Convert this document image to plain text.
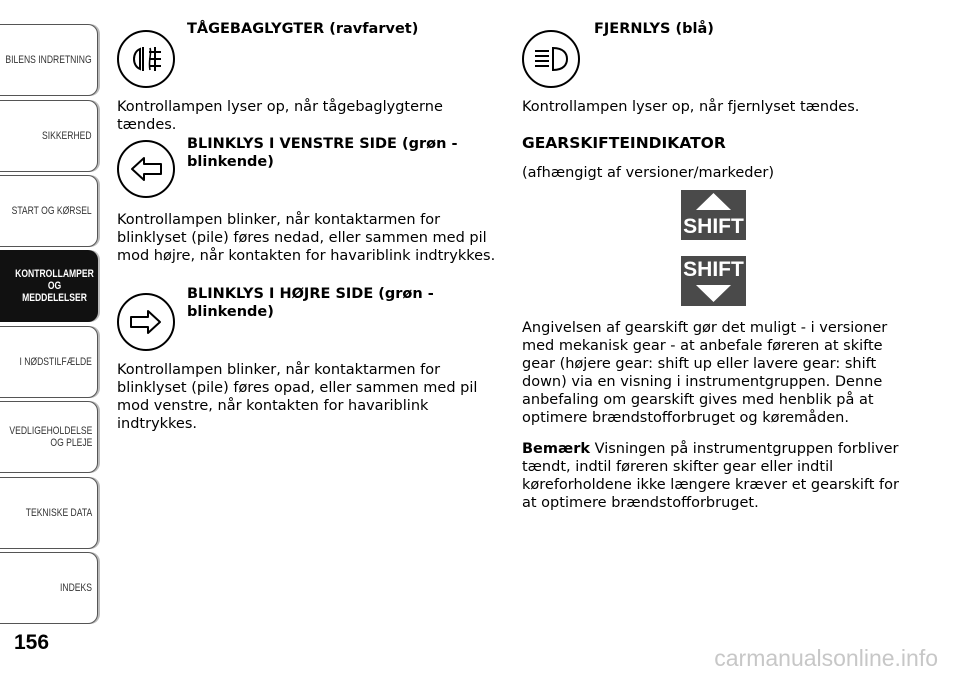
BILENS INDRETNING
SIKKERHED
START OG KØRSEL
KONTROLLAMPER
OG MEDDELELSER
I NØDSTILFÆLDE
VEDLIGEHOLDELSE
OG PLEJE
TEKNISKE DATA
INDEKS
156
TÅGEBAGLYGTER (ravfarvet)
Kontrollampen lyser op, når tågebaglygterne tændes.
BLINKLYS I VENSTRE SIDE (grøn - blinkende)
Kontrollampen blinker, når kontaktarmen for blinklyset (pile) føres nedad, eller sammen med pil mod højre, når kontakten for havariblink indtrykkes.
BLINKLYS I HØJRE SIDE (grøn - blinkende)
Kontrollampen blinker, når kontaktarmen for blinklyset (pile) føres opad, eller sammen med pil mod venstre, når kontakten for havariblink indtrykkes.
FJERNLYS (blå)
Kontrollampen lyser op, når fjernlyset tændes.
GEARSKIFTEINDIKATOR
(afhængigt af versioner/markeder)
SHIFT
SHIFT
Angivelsen af gearskift gør det muligt - i versioner med mekanisk gear - at anbefale føreren at skifte gear (højere gear: shift up eller lavere gear: shift down) via en visning i instrumentgruppen. Denne anbefaling om gearskift gives med henblik på at optimere brændstofforbruget og køremåden.
Bemærk Visningen på instrumentgruppen forbliver tændt, indtil føreren skifter gear eller indtil køreforholdene ikke længere kræver et gearskift for at optimere brændstofforbruget.
carmanualsonline.info
